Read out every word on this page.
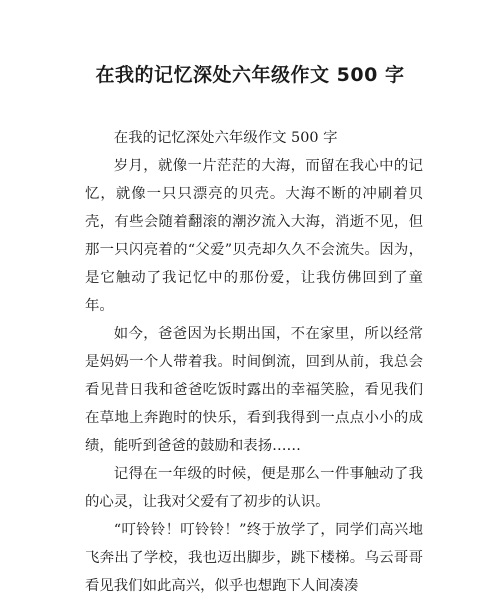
在我的记忆深处六年级作文 500 字

在我的记忆深处六年级作文 500 字

岁月，就像一片茫茫的大海，而留在我心中的记忆，就像一只只漂亮的贝壳。大海不断的冲刷着贝壳，有些会随着翻滚的潮汐流入大海，消逝不见，但那一只闪亮着的“父爱”贝壳却久久不会流失。因为，是它触动了我记忆中的那份爱，让我仿佛回到了童年。

如今，爸爸因为长期出国，不在家里，所以经常是妈妈一个人带着我。时间倒流，回到从前，我总会看见昔日我和爸爸吃饭时露出的幸福笑脸，看见我们在草地上奔跑时的快乐，看到我得到一点点小小的成绩，能听到爸爸的鼓励和表扬……

记得在一年级的时候，便是那么一件事触动了我的心灵，让我对父爱有了初步的认识。

“叮铃铃！叮铃铃！”终于放学了，同学们高兴地飞奔出了学校，我也迈出脚步，跳下楼梯。乌云哥哥看见我们如此高兴，似乎也想跑下人间凑凑
